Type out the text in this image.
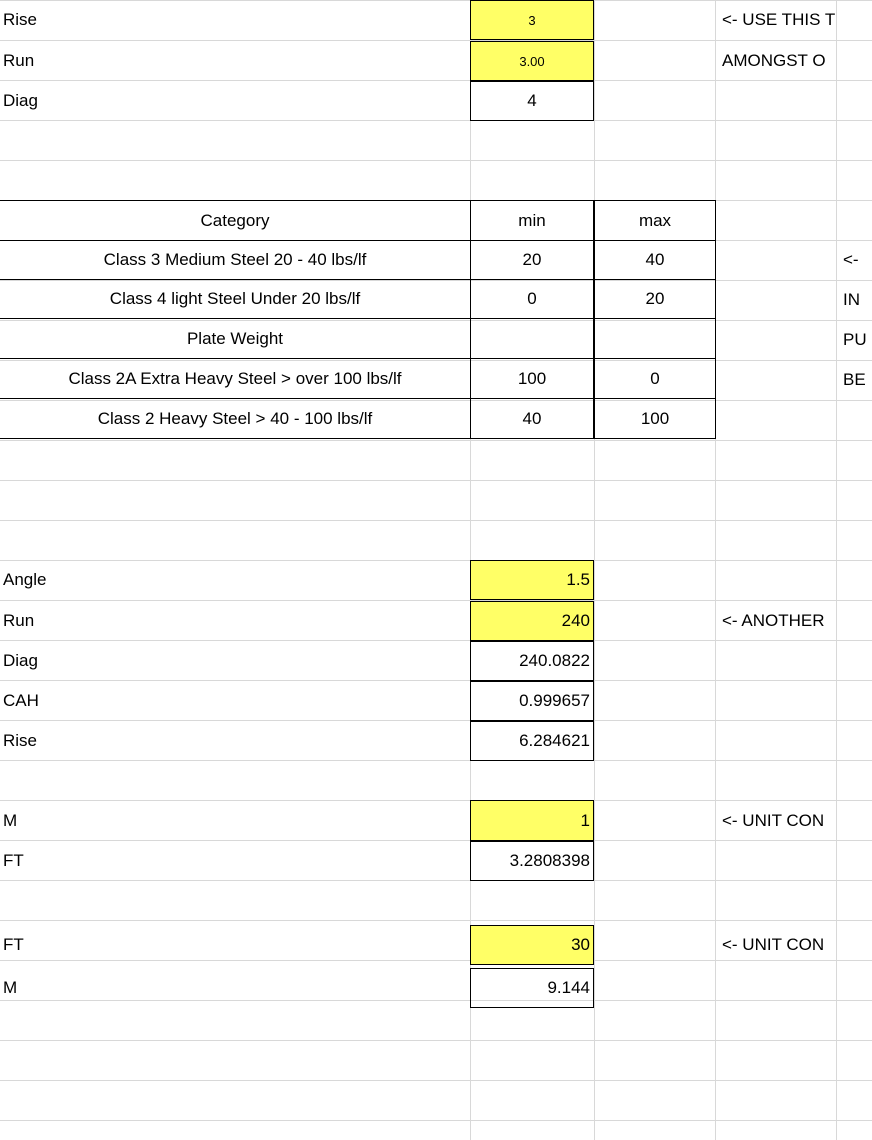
Rise	3
Run	3.00
Diag	4
<- USE THIS T
AMONGST O
Category	min	max
Class 3 Medium Steel 20 - 40 lbs/lf	20	40
Class 4 light Steel Under 20 lbs/lf	0	20
Plate Weight
Class 2A Extra Heavy Steel > over 100 lbs/lf	100	0
Class 2 Heavy Steel > 40 - 100 lbs/lf	40	100
<-
IN
PU
BE
Angle	1.5
Run	240
Diag	240.0822
CAH	0.999657
Rise	6.284621
<- ANOTHER
M	1
FT	3.2808398
<- UNIT CON
FT	30
M	9.144
<- UNIT CON
